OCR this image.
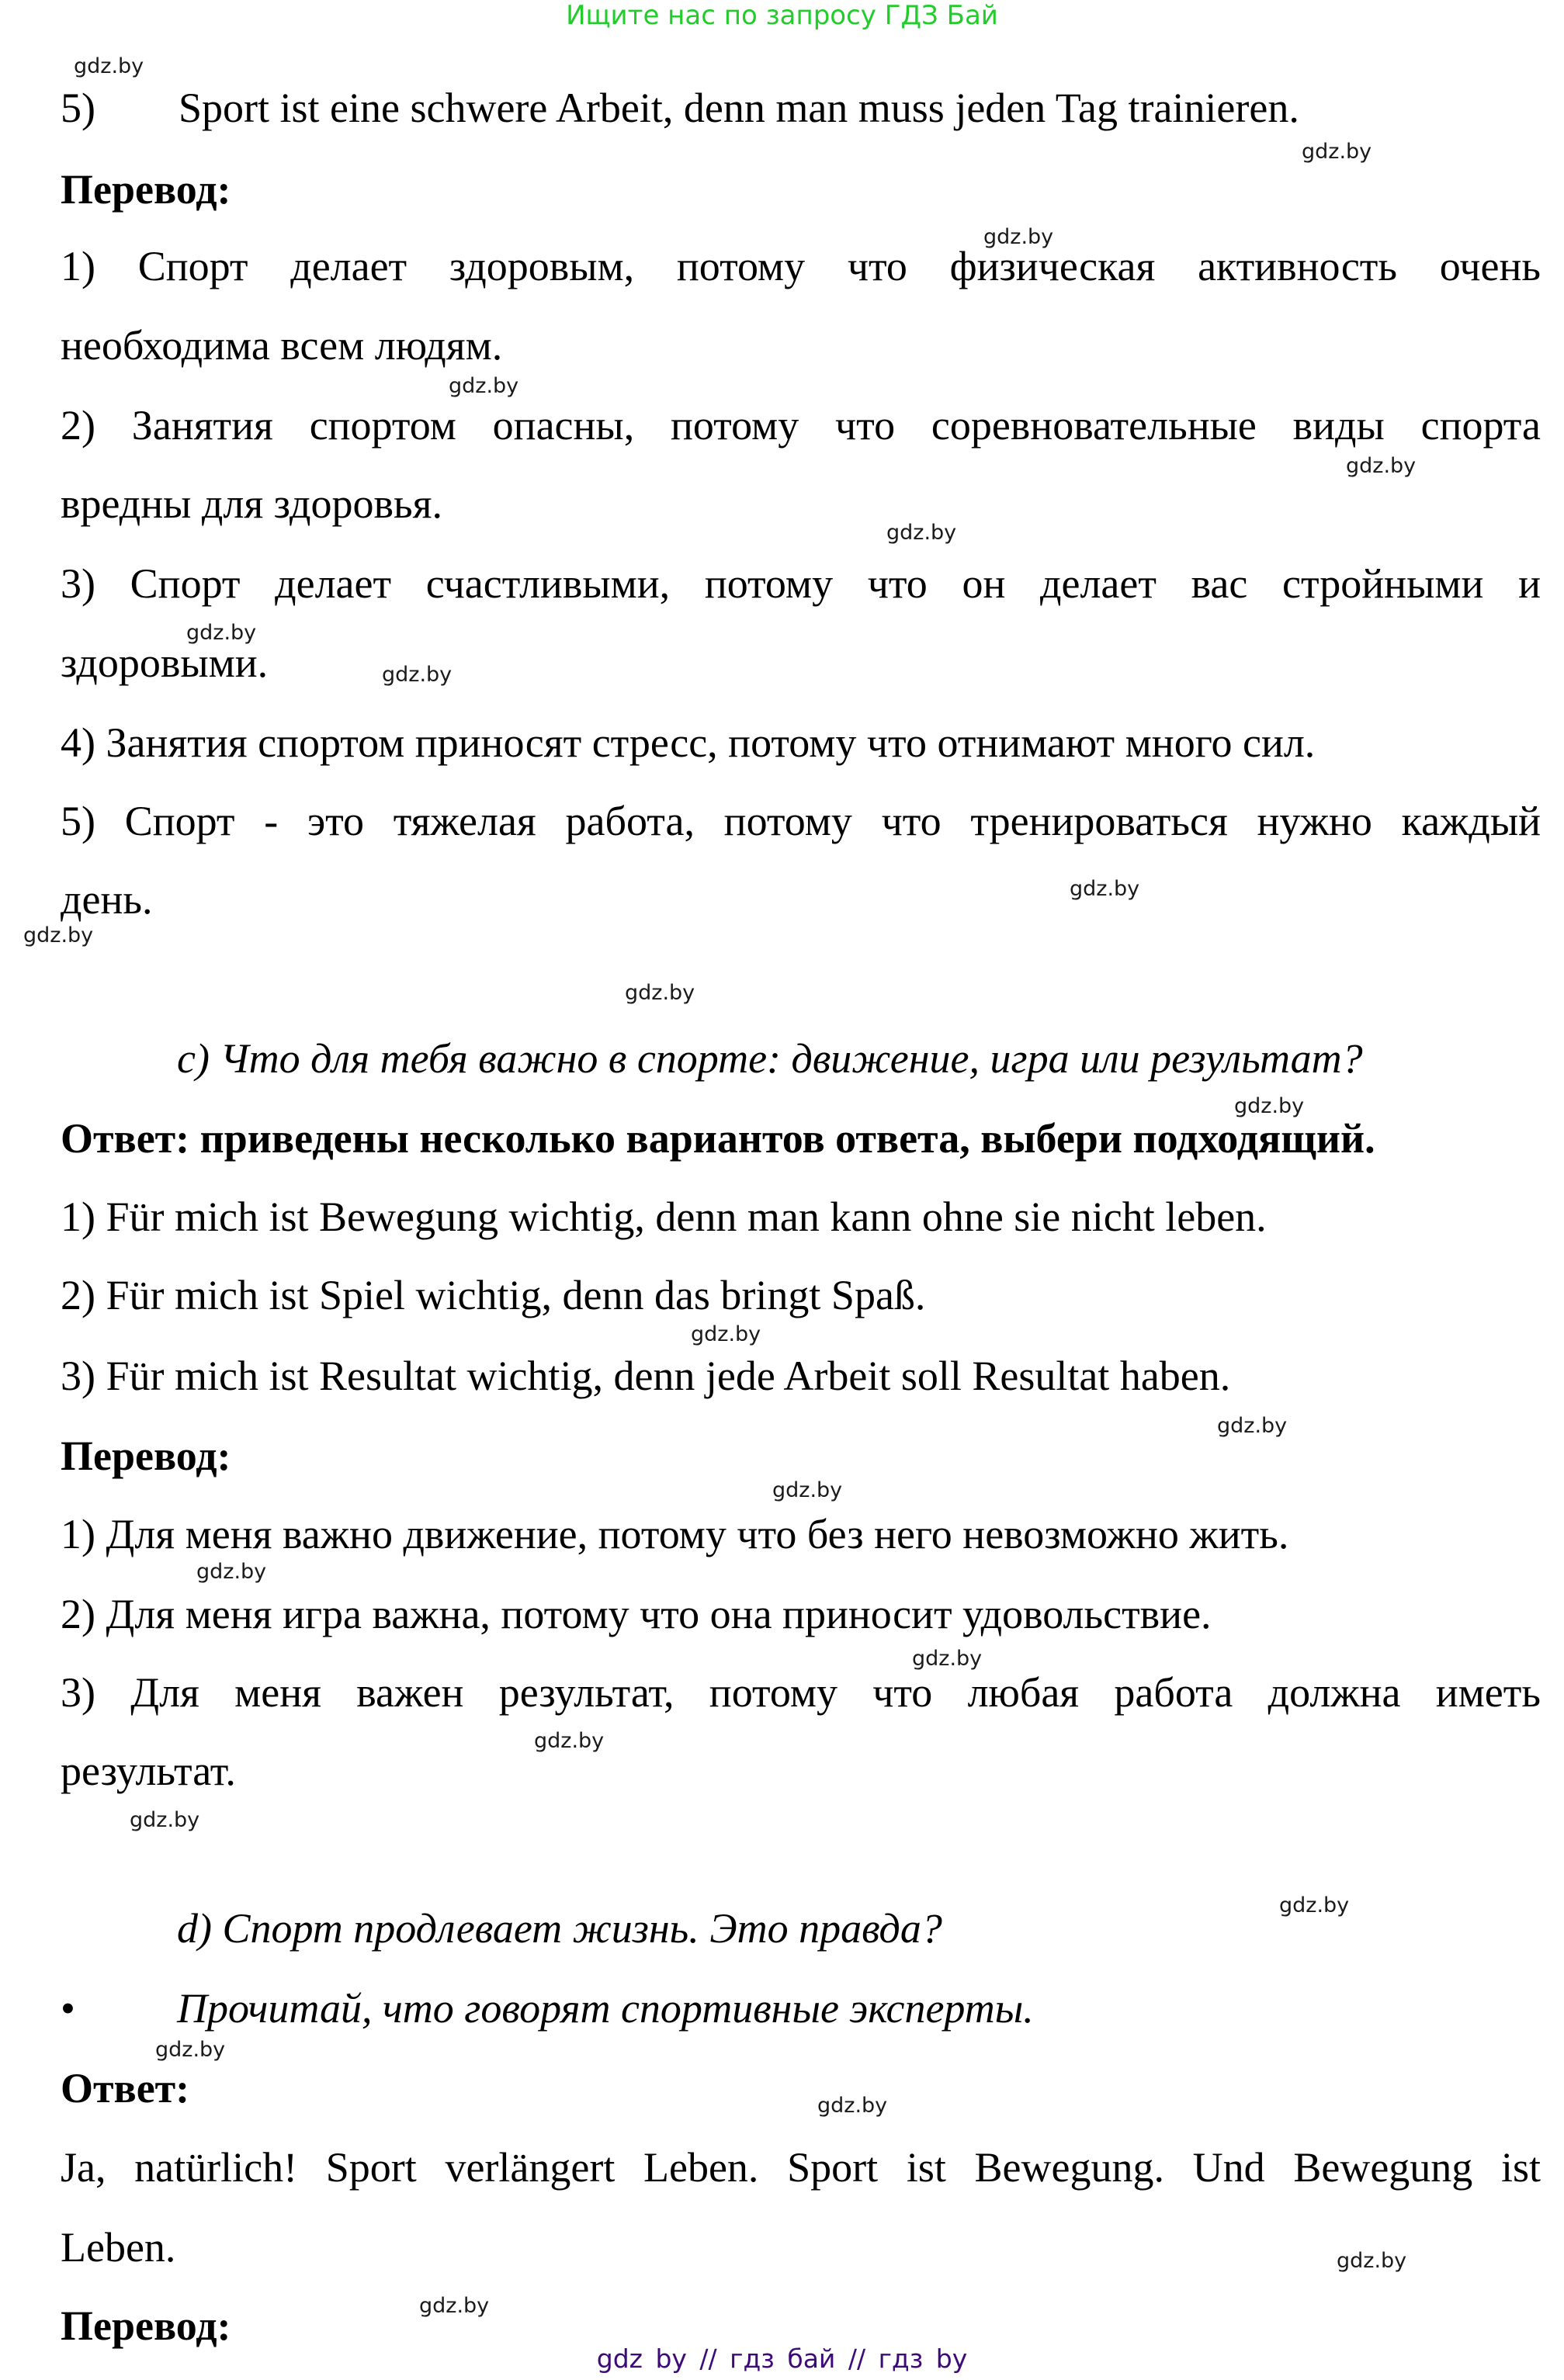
Ищите нас по запросу ГДЗ Бай
5) Sport ist eine schwere Arbeit, denn man muss jeden Tag trainieren.
Перевод:
1) Спорт делает здоровым, потому что физическая активность очень
необходима всем людям.
2) Занятия спортом опасны, потому что соревновательные виды спорта
вредны для здоровья.
3) Спорт делает счастливыми, потому что он делает вас стройными и
здоровыми.
4) Занятия спортом приносят стресс, потому что отнимают много сил.
5) Спорт - это тяжелая работа, потому что тренироваться нужно каждый
день.
c) Что для тебя важно в спорте: движение, игра или результат?
Ответ: приведены несколько вариантов ответа, выбери подходящий.
1) Für mich ist Bewegung wichtig, denn man kann ohne sie nicht leben.
2) Für mich ist Spiel wichtig, denn das bringt Spaß.
3) Für mich ist Resultat wichtig, denn jede Arbeit soll Resultat haben.
Перевод:
1) Для меня важно движение, потому что без него невозможно жить.
2) Для меня игра важна, потому что она приносит удовольствие.
3) Для меня важен результат, потому что любая работа должна иметь
результат.
d) Спорт продлевает жизнь. Это правда?
• Прочитай, что говорят спортивные эксперты.
Ответ:
Ja, natürlich! Sport verlängert Leben. Sport ist Bewegung. Und Bewegung ist
Leben.
Перевод:
gdz.by
gdz.by
gdz.by
gdz.by
gdz.by
gdz.by
gdz.by
gdz.by
gdz.by
gdz.by
gdz.by
gdz.by
gdz.by
gdz.by
gdz.by
gdz.by
gdz.by
gdz.by
gdz.by
gdz.by
gdz.by
gdz.by
gdz.by
gdz.by
gdz by // гдз бай // гдз by
